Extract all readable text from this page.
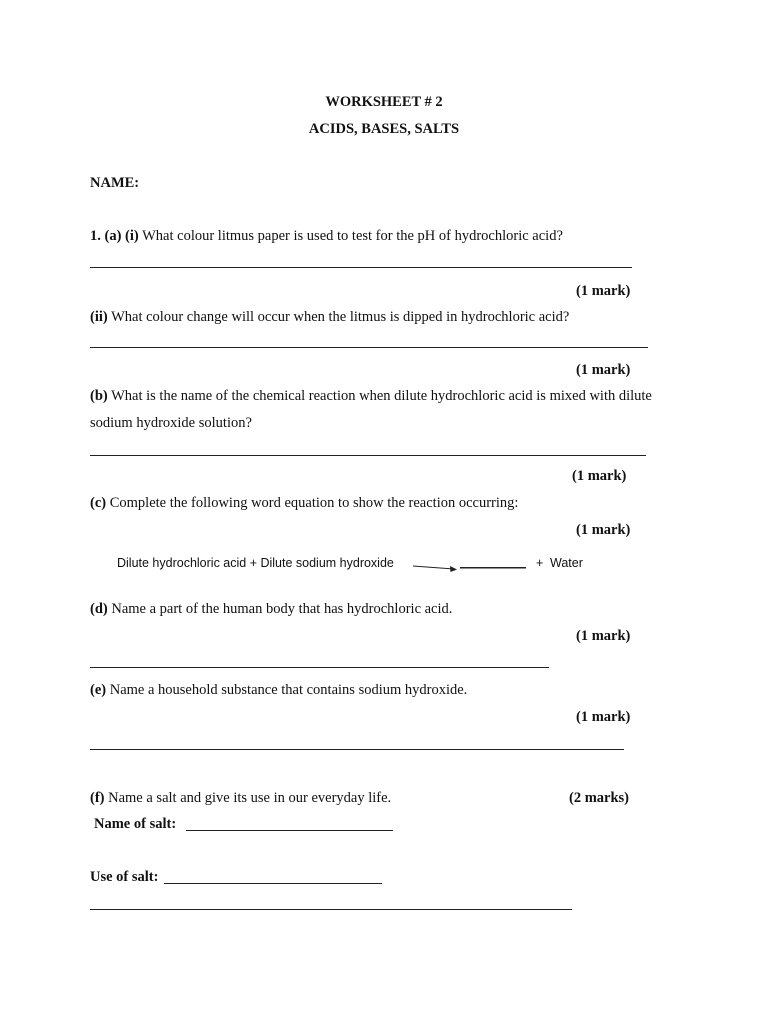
WORKSHEET # 2
ACIDS, BASES, SALTS
NAME:
1. (a) (i) What colour litmus paper is used to test for the pH of hydrochloric acid?
(1 mark)
(ii) What colour change will occur when the litmus is dipped in hydrochloric acid?
(1 mark)
(b) What is the name of the chemical reaction when dilute hydrochloric acid is mixed with dilute
sodium hydroxide solution?
(1 mark)
(c) Complete the following word equation to show the reaction occurring:
(1 mark)
Dilute hydrochloric acid + Dilute sodium hydroxide	+ Water
(d) Name a part of the human body that has hydrochloric acid.
(1 mark)
(e) Name a household substance that contains sodium hydroxide.
(1 mark)
(f) Name a salt and give its use in our everyday life.	(2 marks)
Name of salt:
Use of salt:
